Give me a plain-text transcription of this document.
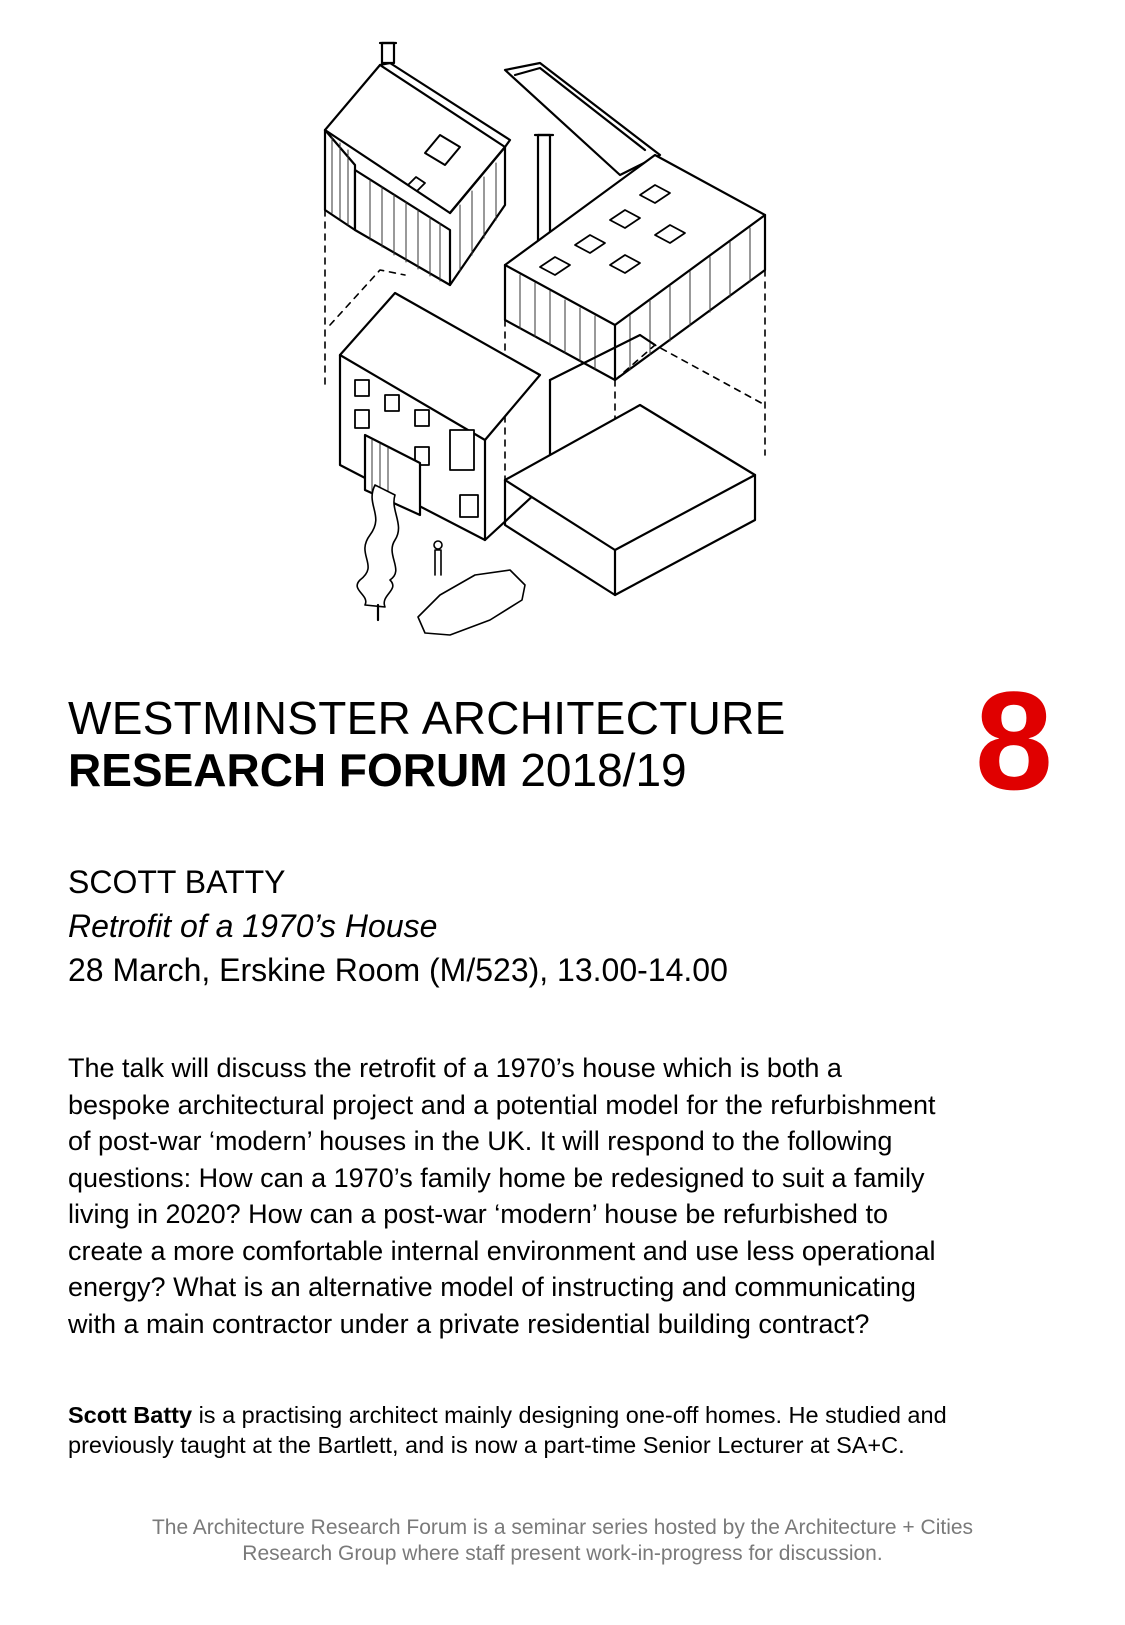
WESTMINSTER ARCHITECTURE
RESEARCH FORUM 2018/19	8
SCOTT BATTY
Retrofit of a 1970’s House
28 March, Erskine Room (M/523), 13.00-14.00
The talk will discuss the retrofit of a 1970’s house which is both a
bespoke architectural project and a potential model for the refurbishment
of post-war ‘modern’ houses in the UK. It will respond to the following
questions: How can a 1970’s family home be redesigned to suit a family
living in 2020? How can a post-war ‘modern’ house be refurbished to
create a more comfortable internal environment and use less operational
energy? What is an alternative model of instructing and communicating
with a main contractor under a private residential building contract?
Scott Batty is a practising architect mainly designing one-off homes. He studied and
previously taught at the Bartlett, and is now a part-time Senior Lecturer at SA+C.
The Architecture Research Forum is a seminar series hosted by the Architecture + Cities
Research Group where staff present work-in-progress for discussion.
